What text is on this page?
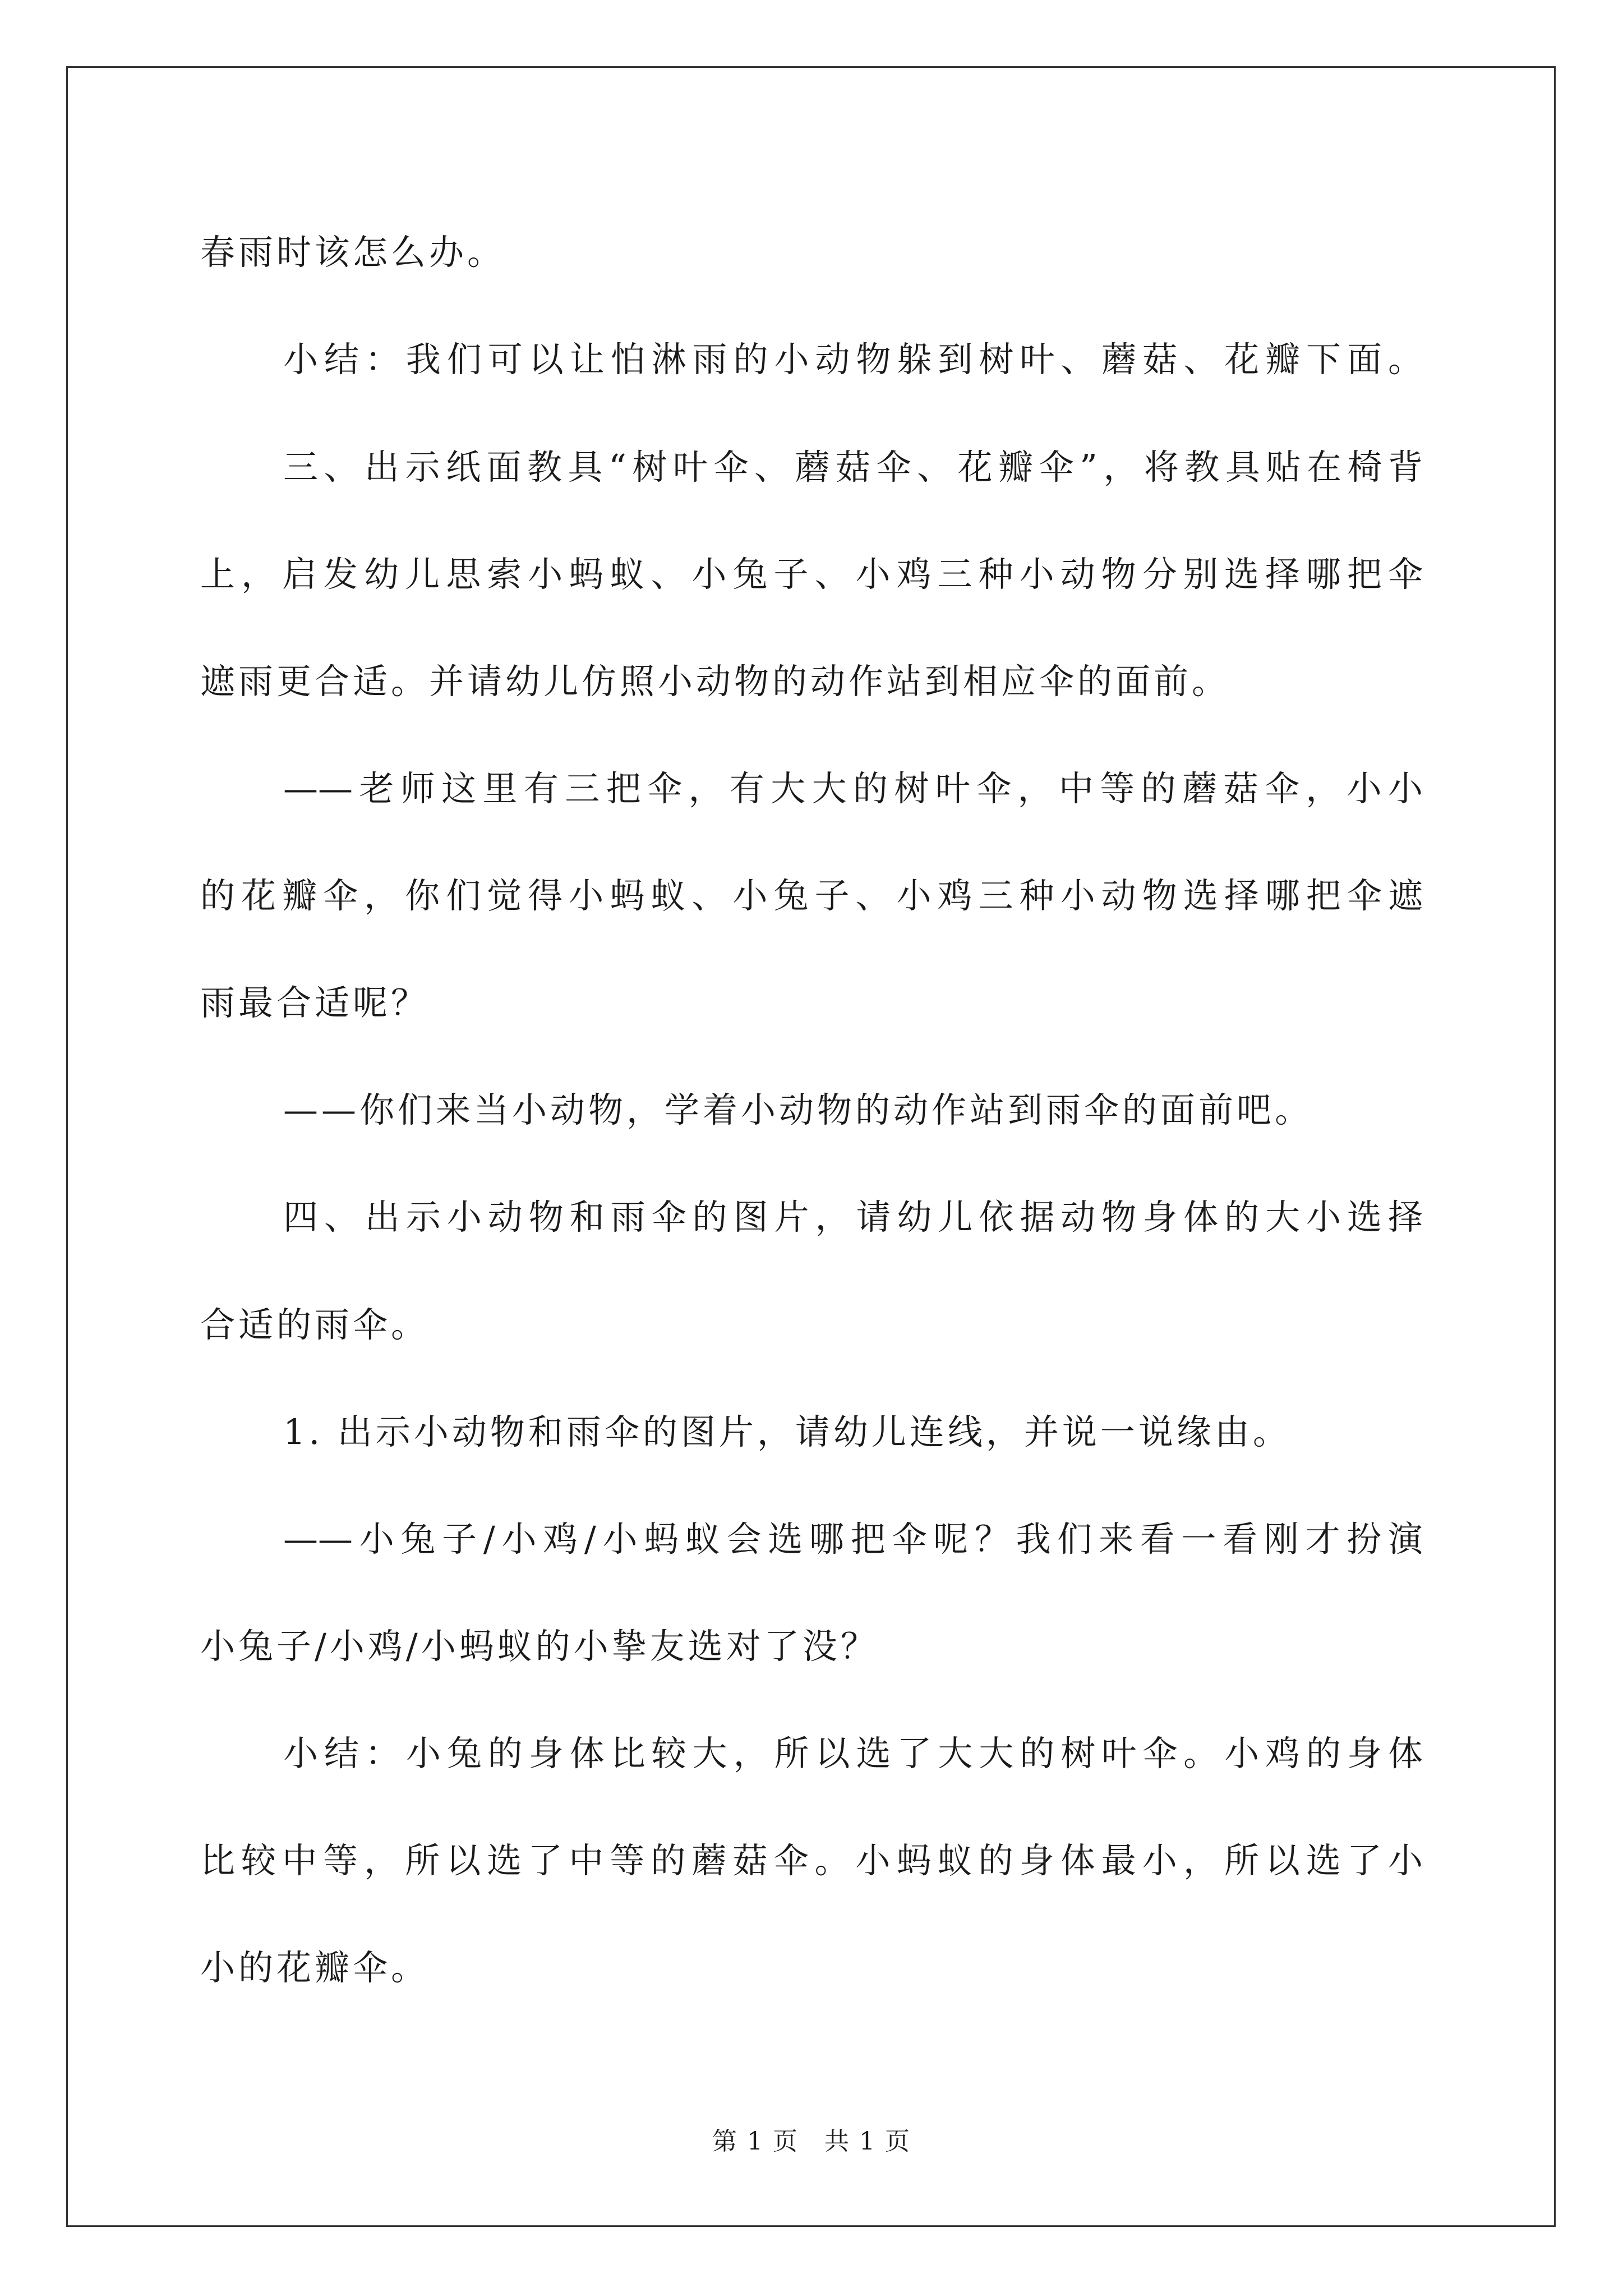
春雨时该怎么办。
小结：我们可以让怕淋雨的小动物躲到树叶、蘑菇、花瓣下面。
三、出示纸面教具“树叶伞、蘑菇伞、花瓣伞”，将教具贴在椅背
上，启发幼儿思索小蚂蚁、小兔子、小鸡三种小动物分别选择哪把伞
遮雨更合适。并请幼儿仿照小动物的动作站到相应伞的面前。
——老师这里有三把伞，有大大的树叶伞，中等的蘑菇伞，小小
的花瓣伞，你们觉得小蚂蚁、小兔子、小鸡三种小动物选择哪把伞遮
雨最合适呢？
——你们来当小动物，学着小动物的动作站到雨伞的面前吧。
四、出示小动物和雨伞的图片，请幼儿依据动物身体的大小选择
合适的雨伞。
1. 出示小动物和雨伞的图片，请幼儿连线，并说一说缘由。
——小兔子/小鸡/小蚂蚁会选哪把伞呢？我们来看一看刚才扮演
小兔子/小鸡/小蚂蚁的小挚友选对了没？
小结：小兔的身体比较大，所以选了大大的树叶伞。小鸡的身体
比较中等，所以选了中等的蘑菇伞。小蚂蚁的身体最小，所以选了小
小的花瓣伞。
第 1 页　共 1 页
